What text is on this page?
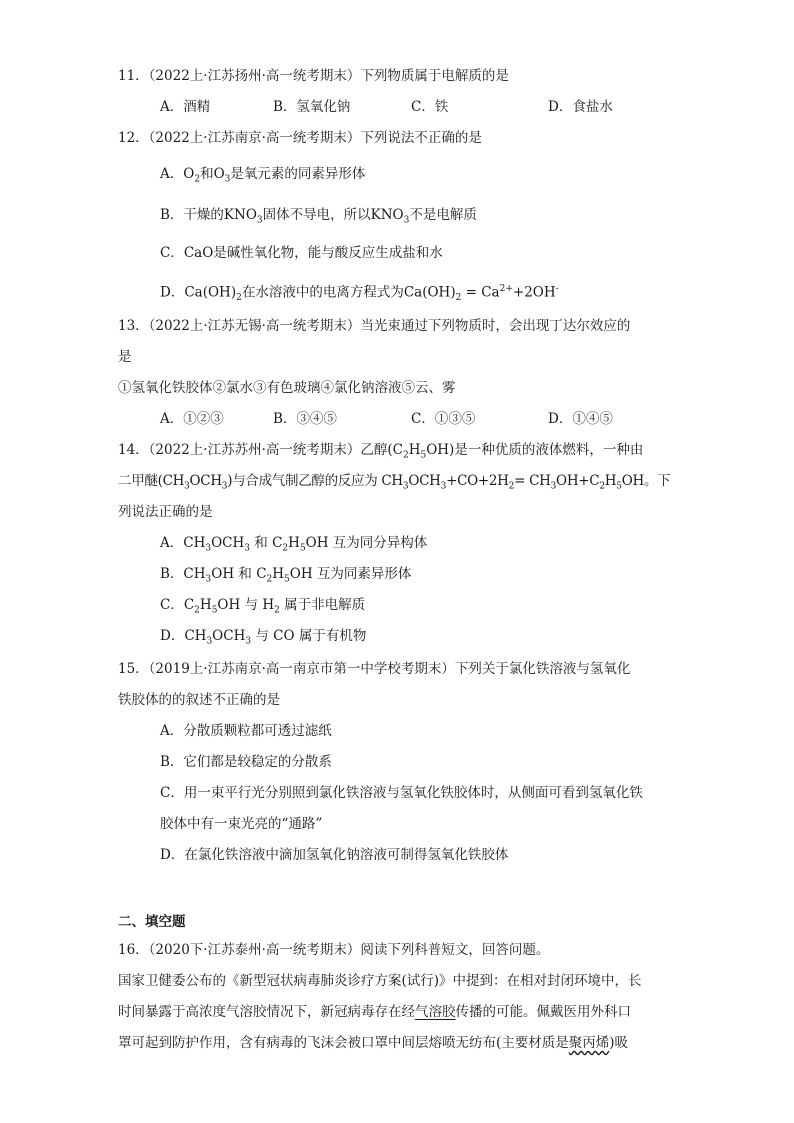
11．（2022上·江苏扬州·高一统考期末）下列物质属于电解质的是
A．酒精	B．氢氧化钠	C．铁	D．食盐水
12．（2022上·江苏南京·高一统考期末）下列说法不正确的是
A．$O_2$和$O_3$是氧元素的同素异形体
B．干燥的$KNO_3$固体不导电，所以$KNO_3$不是电解质
C．CaO是碱性氧化物，能与酸反应生成盐和水
D．$Ca(OH)_2$在水溶液中的电离方程式为$Ca(OH)_2 = Ca^{2+}+2OH^-$
13．（2022上·江苏无锡·高一统考期末）当光束通过下列物质时，会出现丁达尔效应的
是
①氢氧化铁胶体②氯水③有色玻璃④氯化钠溶液⑤云、雾
A．①②③	B．③④⑤	C．①③⑤	D．①④⑤
14．（2022上·江苏苏州·高一统考期末）乙醇$(C_2H_5OH)$是一种优质的液体燃料，一种由
二甲醚$(CH_3OCH_3)$与合成气制乙醇的反应为 $CH_3OCH_3+CO+2H_2= CH_3OH+C_2H_5OH$。下
列说法正确的是
A．$CH_3OCH_3$ 和 $C_2H_5OH$ 互为同分异构体
B．$CH_3OH$ 和 $C_2H_5OH$ 互为同素异形体
C．$C_2H_5OH$ 与 $H_2$ 属于非电解质
D．$CH_3OCH_3$ 与 CO 属于有机物
15．（2019上·江苏南京·高一南京市第一中学校考期末）下列关于氯化铁溶液与氢氧化
铁胶体的的叙述不正确的是
A．分散质颗粒都可透过滤纸
B．它们都是较稳定的分散系
C．用一束平行光分别照到氯化铁溶液与氢氧化铁胶体时，从侧面可看到氢氧化铁
胶体中有一束光亮的“通路”
D．在氯化铁溶液中滴加氢氧化钠溶液可制得氢氧化铁胶体
二、填空题
16．（2020下·江苏泰州·高一统考期末）阅读下列科普短文，回答问题。
国家卫健委公布的《新型冠状病毒肺炎诊疗方案(试行)》中提到：在相对封闭环境中，长
时间暴露于高浓度气溶胶情况下，新冠病毒存在经气溶胶传播的可能。佩戴医用外科口
罩可起到防护作用，含有病毒的飞沫会被口罩中间层熔喷无纺布(主要材质是聚丙烯)吸
